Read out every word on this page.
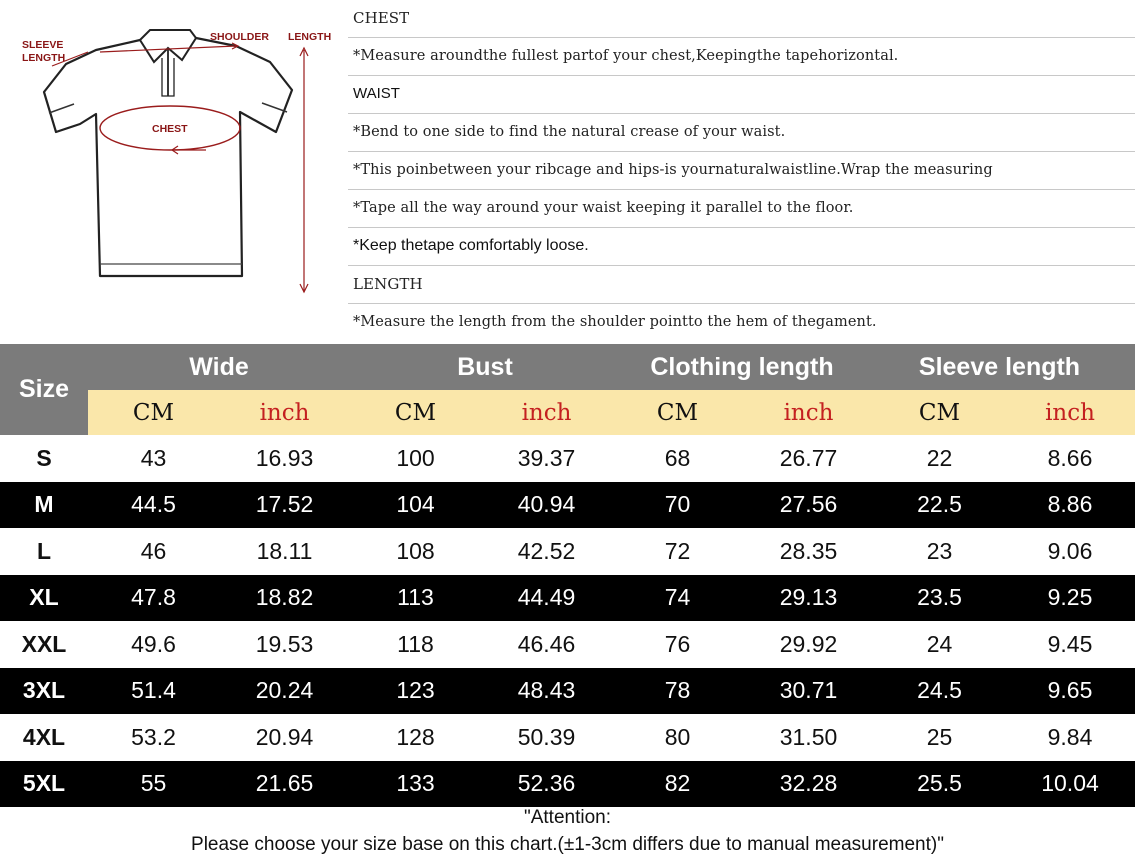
SLEEVE
LENGTH
SHOULDER LENGTH
CHEST
CHEST
*Measure aroundthe fullest partof your chest,Keepingthe tapehorizontal.
WAIST
*Bend to one side to find the natural crease of your waist.
*This poinbetween your ribcage and hips-is yournaturalwaistline.Wrap the measuring
*Tape all the way around your waist keeping it parallel to the floor.
*Keep thetape comfortably loose.
LENGTH
*Measure the length from the shoulder pointto the hem of thegament.
Wide	Bust	Clothing length	Sleeve length
CM	inch	CM	inch	CM	inch	CM	inch
Size
S	43	16.93	100	39.37	68	26.77	22	8.66
M	44.5	17.52	104	40.94	70	27.56	22.5	8.86
L	46	18.11	108	42.52	72	28.35	23	9.06
XL	47.8	18.82	113	44.49	74	29.13	23.5	9.25
XXL	49.6	19.53	118	46.46	76	29.92	24	9.45
3XL	51.4	20.24	123	48.43	78	30.71	24.5	9.65
4XL	53.2	20.94	128	50.39	80	31.50	25	9.84
5XL	55	21.65	133	52.36	82	32.28	25.5	10.04
"Attention:
Please choose your size base on this chart.(±1-3cm differs due to manual measurement)"
